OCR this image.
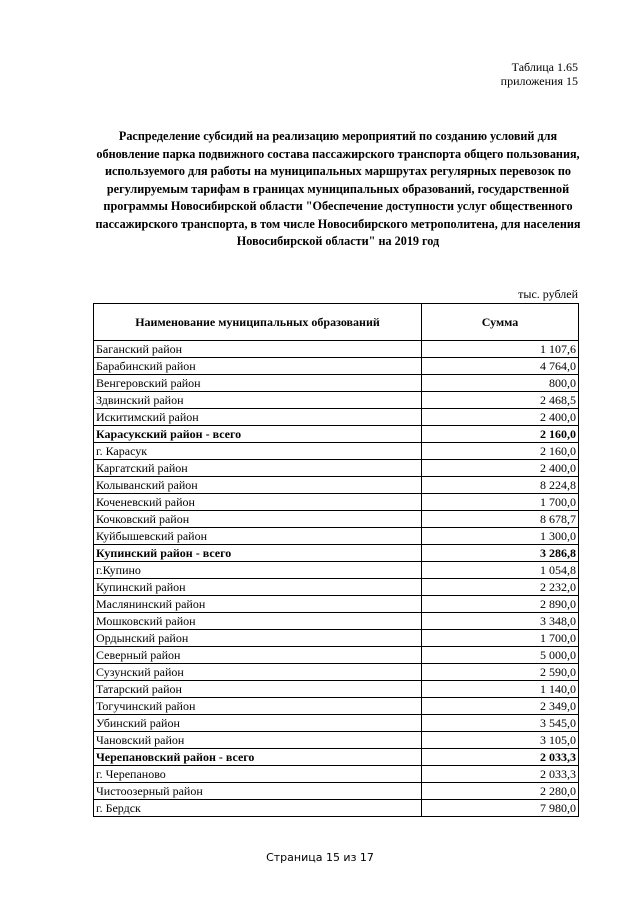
Таблица 1.65
приложения 15
Распределение субсидий на реализацию мероприятий по созданию условий для обновление парка подвижного состава пассажирского транспорта общего пользования, используемого для работы на муниципальных маршрутах регулярных перевозок по регулируемым тарифам в границах муниципальных образований, государственной программы Новосибирской области "Обеспечение доступности услуг общественного пассажирского транспорта, в том числе Новосибирского метрополитена, для населения Новосибирской области" на 2019 год
тыс. рублей
Наименование муниципальных образований	Сумма
Баганский район	1 107,6
Барабинский район	4 764,0
Венгеровский район	800,0
Здвинский район	2 468,5
Искитимский район	2 400,0
Карасукский район - всего	2 160,0
г. Карасук	2 160,0
Каргатский район	2 400,0
Колыванский район	8 224,8
Коченевский район	1 700,0
Кочковский район	8 678,7
Куйбышевский район	1 300,0
Купинский район - всего	3 286,8
г.Купино	1 054,8
Купинский район	2 232,0
Маслянинский район	2 890,0
Мошковский район	3 348,0
Ордынский район	1 700,0
Северный район	5 000,0
Сузунский район	2 590,0
Татарский район	1 140,0
Тогучинский район	2 349,0
Убинский район	3 545,0
Чановский район	3 105,0
Черепановский район - всего	2 033,3
г. Черепаново	2 033,3
Чистоозерный район	2 280,0
г. Бердск	7 980,0
Страница 15 из 17
